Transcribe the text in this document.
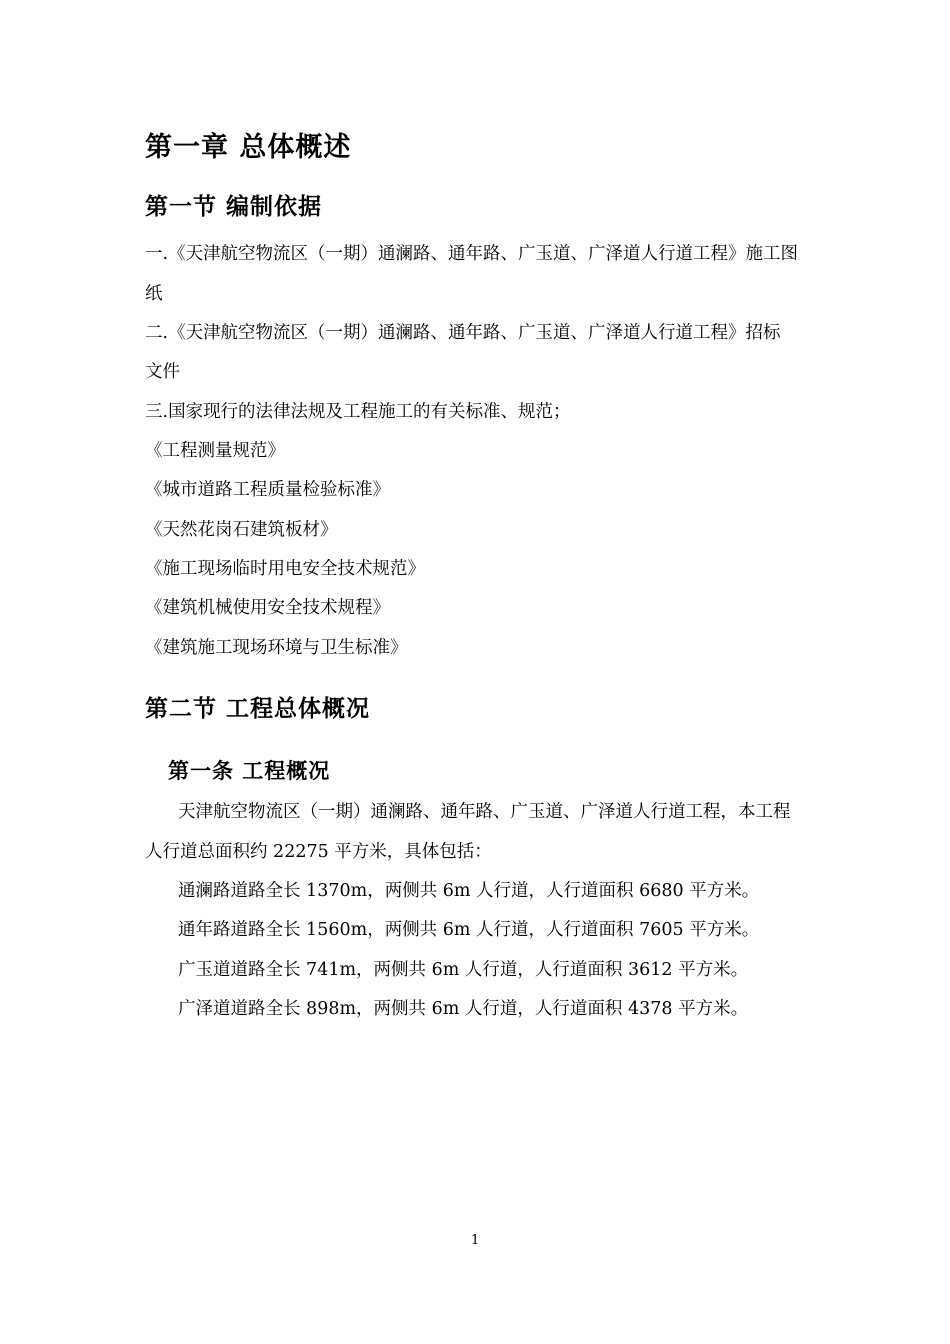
第一章 总体概述
第一节 编制依据
一.《天津航空物流区（一期）通澜路、通年路、广玉道、广泽道人行道工程》施工图
纸
二.《天津航空物流区（一期）通澜路、通年路、广玉道、广泽道人行道工程》招标
文件
三.国家现行的法律法规及工程施工的有关标准、规范；
《工程测量规范》
《城市道路工程质量检验标准》
《天然花岗石建筑板材》
《施工现场临时用电安全技术规范》
《建筑机械使用安全技术规程》
《建筑施工现场环境与卫生标准》
第二节 工程总体概况
第一条 工程概况
天津航空物流区（一期）通澜路、通年路、广玉道、广泽道人行道工程，本工程
人行道总面积约 22275 平方米，具体包括：
通澜路道路全长 1370m，两侧共 6m 人行道，人行道面积 6680 平方米。
通年路道路全长 1560m，两侧共 6m 人行道，人行道面积 7605 平方米。
广玉道道路全长 741m，两侧共 6m 人行道，人行道面积 3612 平方米。
广泽道道路全长 898m，两侧共 6m 人行道，人行道面积 4378 平方米。
1
